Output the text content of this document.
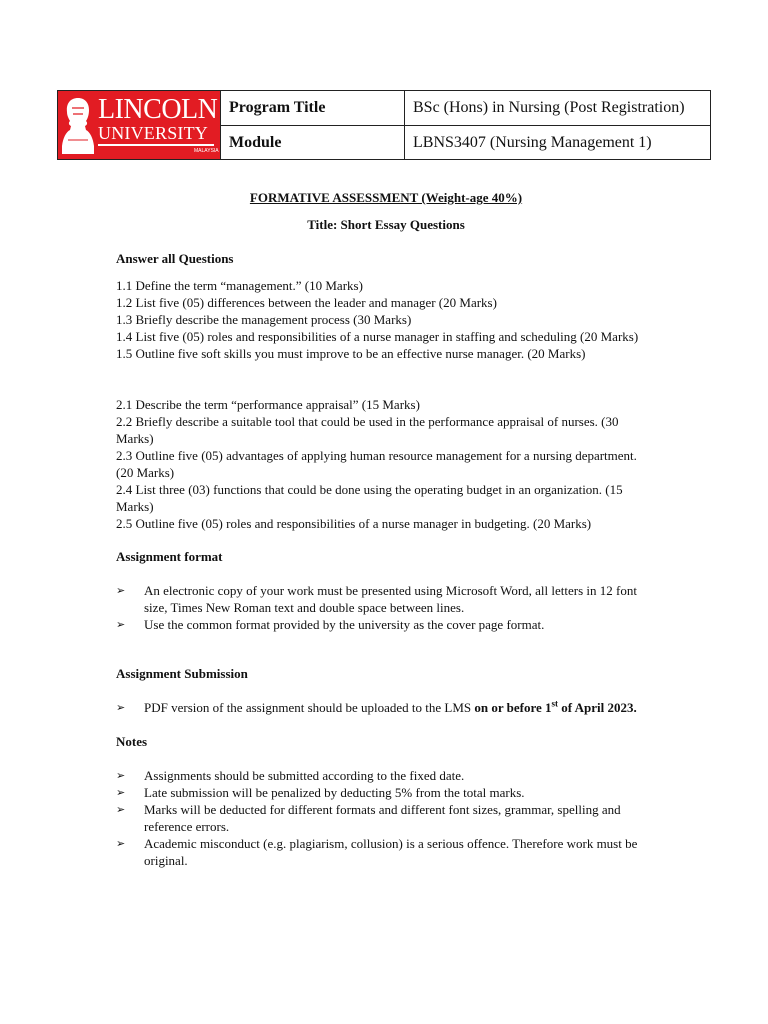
LINCOLN
UNIVERSITY
MALAYSIA
Program Title	BSc (Hons) in Nursing (Post Registration)
Module	LBNS3407 (Nursing Management 1)

FORMATIVE ASSESSMENT (Weight-age 40%)

Title: Short Essay Questions

Answer all Questions

1.1 Define the term “management.” (10 Marks)
1.2 List five (05) differences between the leader and manager (20 Marks)
1.3 Briefly describe the management process (30 Marks)
1.4 List five (05) roles and responsibilities of a nurse manager in staffing and scheduling (20 Marks)
1.5 Outline five soft skills you must improve to be an effective nurse manager. (20 Marks)
2.1 Describe the term “performance appraisal” (15 Marks)
2.2 Briefly describe a suitable tool that could be used in the performance appraisal of nurses. (30 Marks)
2.3 Outline five (05) advantages of applying human resource management for a nursing department. (20 Marks)
2.4 List three (03) functions that could be done using the operating budget in an organization. (15 Marks)
2.5 Outline five (05) roles and responsibilities of a nurse manager in budgeting. (20 Marks)

Assignment format

➢ An electronic copy of your work must be presented using Microsoft Word, all letters in 12 font size, Times New Roman text and double space between lines.
➢ Use the common format provided by the university as the cover page format.

Assignment Submission

➢ PDF version of the assignment should be uploaded to the LMS on or before 1st of April 2023.

Notes

➢ Assignments should be submitted according to the fixed date.
➢ Late submission will be penalized by deducting 5% from the total marks.
➢ Marks will be deducted for different formats and different font sizes, grammar, spelling and reference errors.
➢ Academic misconduct (e.g. plagiarism, collusion) is a serious offence. Therefore work must be original.
